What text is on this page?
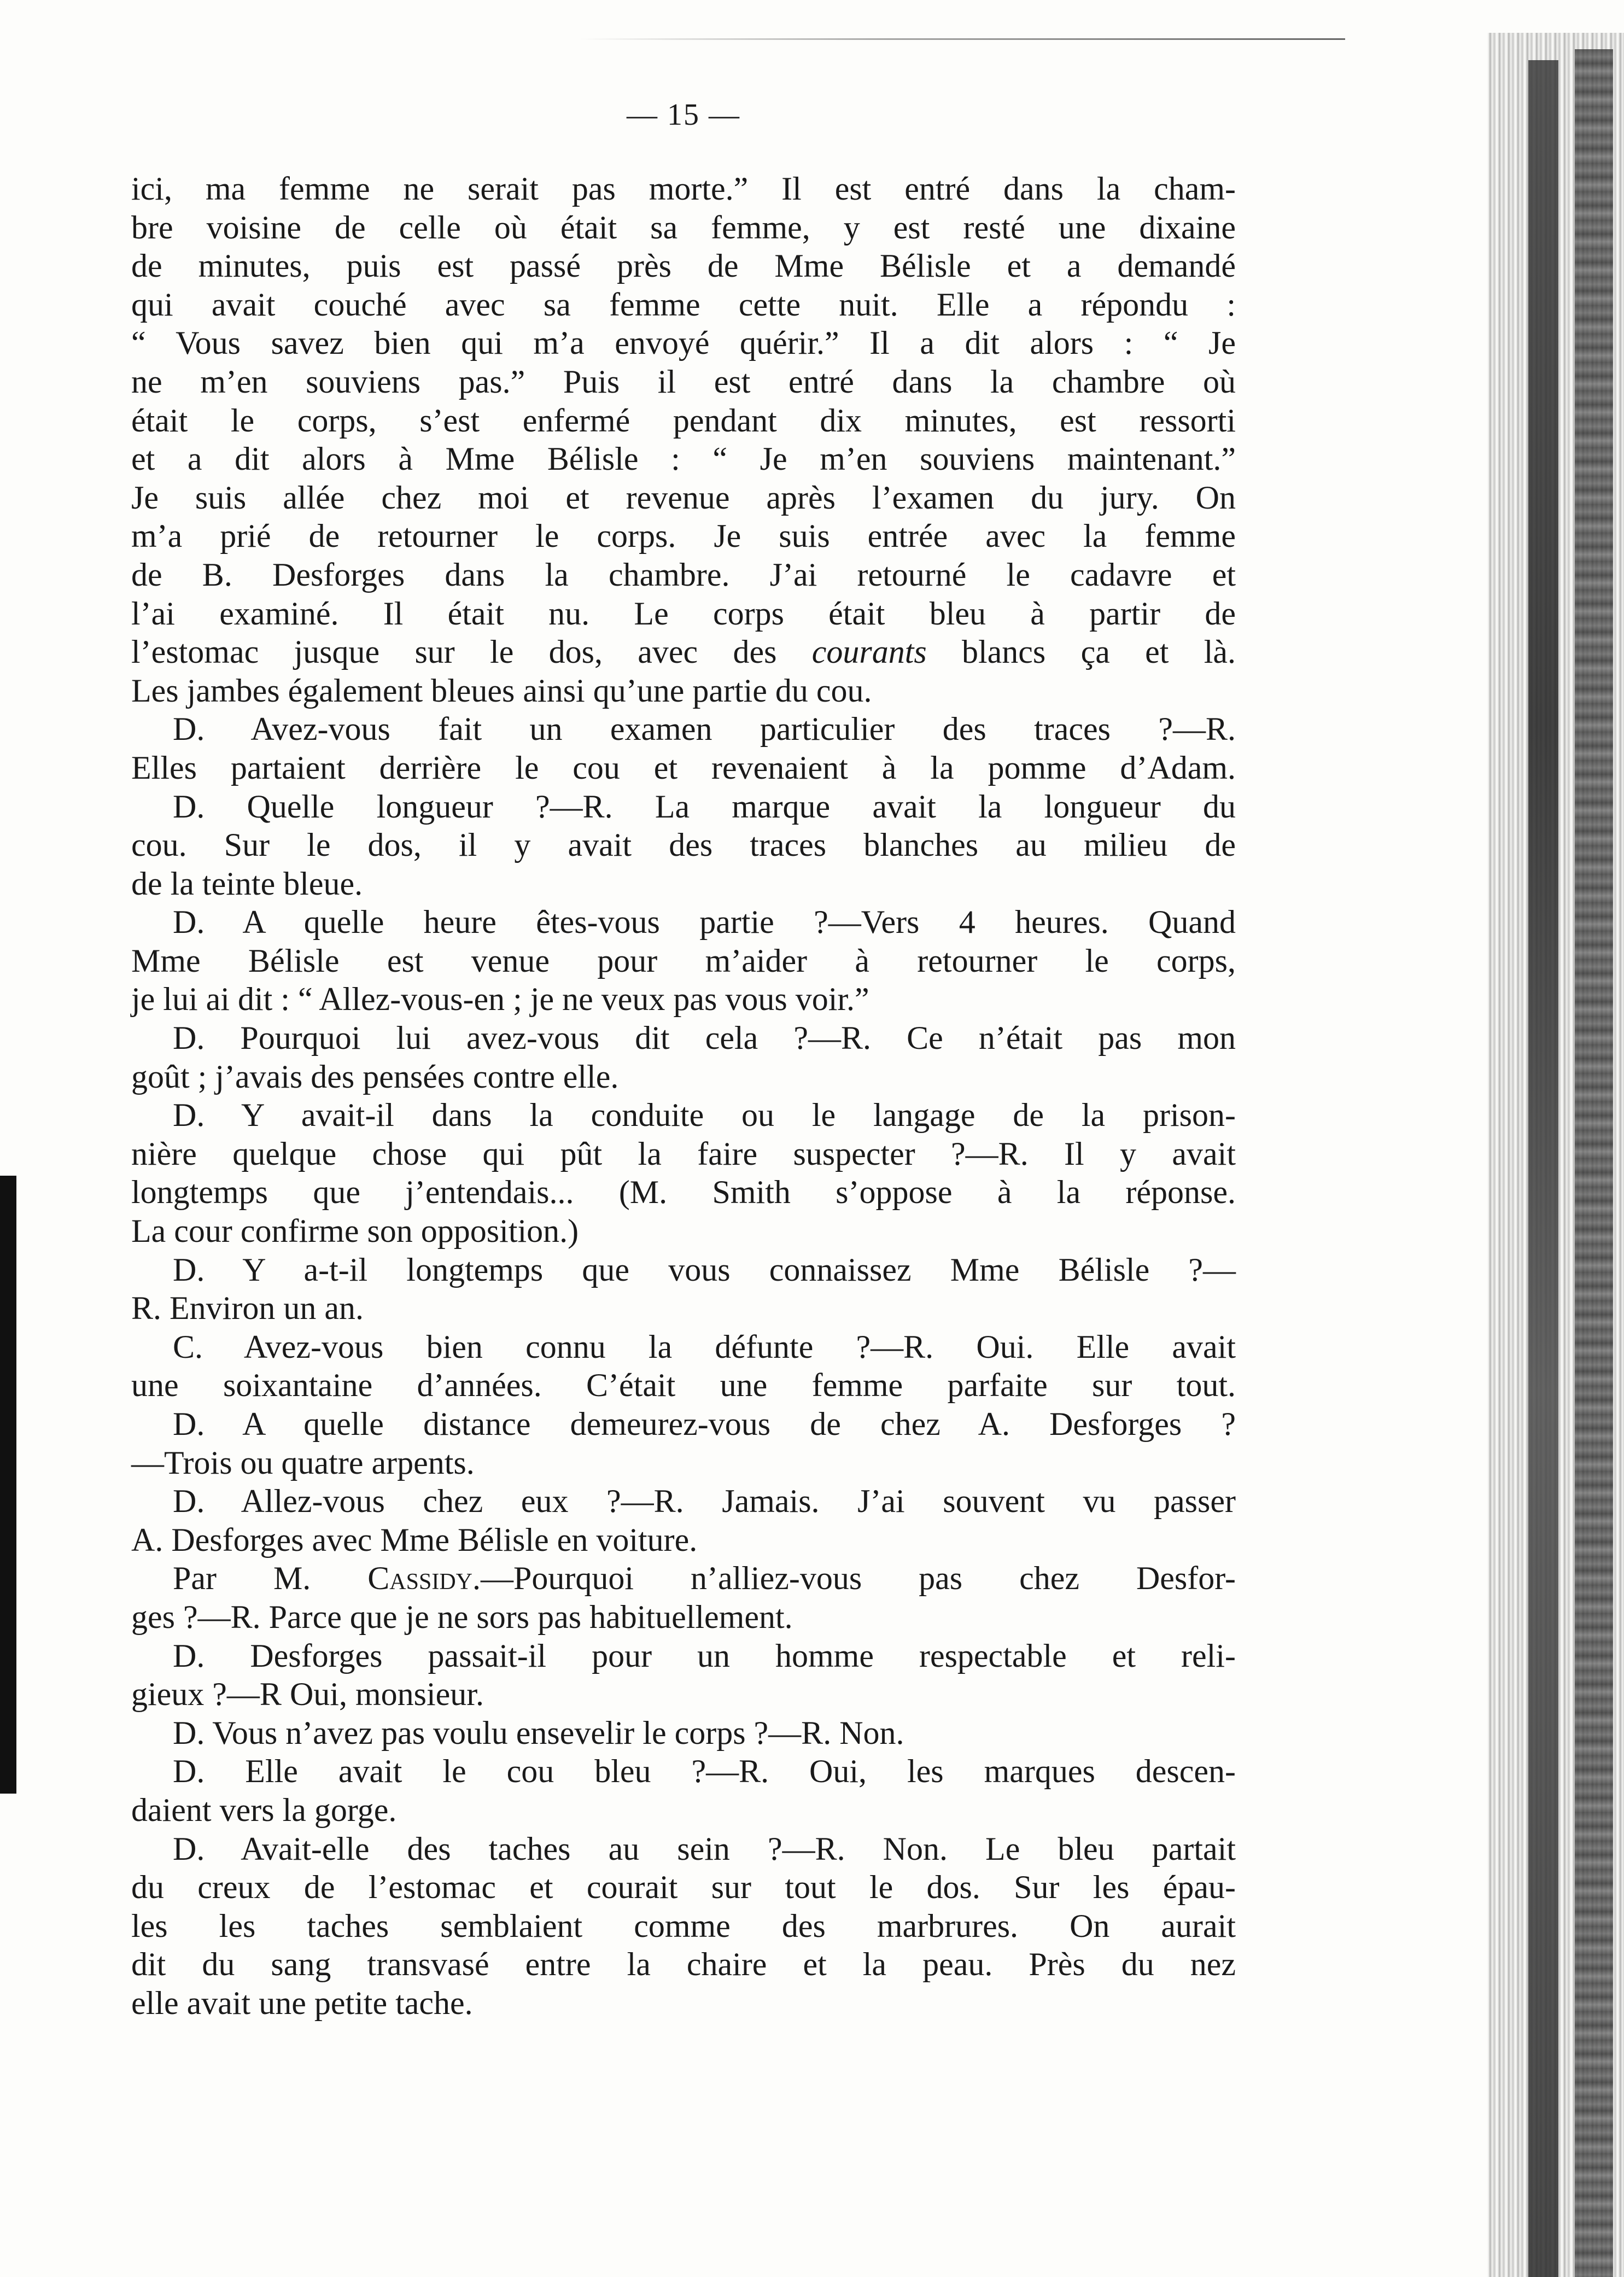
— 15 —
ici, ma femme ne serait pas morte.” Il est entré dans la cham-
bre voisine de celle où était sa femme, y est resté une dixaine
de minutes, puis est passé près de Mme Bélisle et a demandé
qui avait couché avec sa femme cette nuit. Elle a répondu :
“ Vous savez bien qui m’a envoyé quérir.” Il a dit alors : “ Je
ne m’en souviens pas.” Puis il est entré dans la chambre où
était le corps, s’est enfermé pendant dix minutes, est ressorti
et a dit alors à Mme Bélisle : “ Je m’en souviens maintenant.”
Je suis allée chez moi et revenue après l’examen du jury. On
m’a prié de retourner le corps. Je suis entrée avec la femme
de B. Desforges dans la chambre. J’ai retourné le cadavre et
l’ai examiné. Il était nu. Le corps était bleu à partir de
l’estomac jusque sur le dos, avec des courants blancs ça et là.
Les jambes également bleues ainsi qu’une partie du cou.
D. Avez-vous fait un examen particulier des traces ?—R.
Elles partaient derrière le cou et revenaient à la pomme d’Adam.
D. Quelle longueur ?—R. La marque avait la longueur du
cou. Sur le dos, il y avait des traces blanches au milieu de
de la teinte bleue.
D. A quelle heure êtes-vous partie ?—Vers 4 heures. Quand
Mme Bélisle est venue pour m’aider à retourner le corps,
je lui ai dit : “ Allez-vous-en ; je ne veux pas vous voir.”
D. Pourquoi lui avez-vous dit cela ?—R. Ce n’était pas mon
goût ; j’avais des pensées contre elle.
D. Y avait-il dans la conduite ou le langage de la prison-
nière quelque chose qui pût la faire suspecter ?—R. Il y avait
longtemps que j’entendais... (M. Smith s’oppose à la réponse.
La cour confirme son opposition.)
D. Y a-t-il longtemps que vous connaissez Mme Bélisle ?—
R. Environ un an.
C. Avez-vous bien connu la défunte ?—R. Oui. Elle avait
une soixantaine d’années. C’était une femme parfaite sur tout.
D. A quelle distance demeurez-vous de chez A. Desforges ?
—Trois ou quatre arpents.
D. Allez-vous chez eux ?—R. Jamais. J’ai souvent vu passer
A. Desforges avec Mme Bélisle en voiture.
Par M. Cassidy.—Pourquoi n’alliez-vous pas chez Desfor-
ges ?—R. Parce que je ne sors pas habituellement.
D. Desforges passait-il pour un homme respectable et reli-
gieux ?—R Oui, monsieur.
D. Vous n’avez pas voulu ensevelir le corps ?—R. Non.
D. Elle avait le cou bleu ?—R. Oui, les marques descen-
daient vers la gorge.
D. Avait-elle des taches au sein ?—R. Non. Le bleu partait
du creux de l’estomac et courait sur tout le dos. Sur les épau-
les les taches semblaient comme des marbrures. On aurait
dit du sang transvasé entre la chaire et la peau. Près du nez
elle avait une petite tache.
